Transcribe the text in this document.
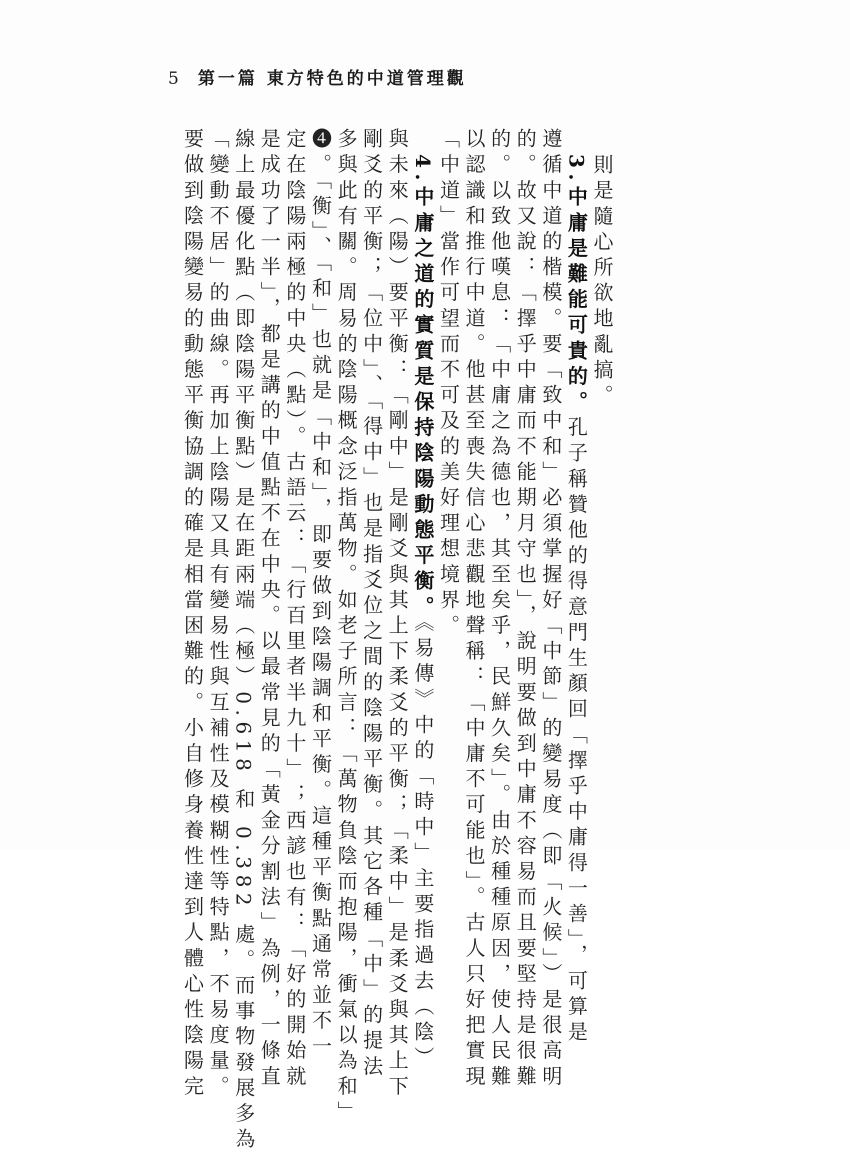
5 第一篇 東方特色的中道管理觀
則是隨心所欲地亂搞。
3.中庸是難能可貴的。孔子稱贊他的得意門生顏回「擇乎中庸得一善」，可算是
遵循中道的楷模。要「致中和」必須掌握好「中節」的變易度（即「火候」）是很高明
的。故又說：「擇乎中庸而不能期月守也」，說明要做到中庸不容易而且要堅持是很難
的。以致他嘆息：「中庸之為德也，其至矣乎，民鮮久矣」。由於種種原因，使人民難
以認識和推行中道。他甚至喪失信心悲觀地聲稱：「中庸不可能也」。古人只好把實現
「中道」當作可望而不可及的美好理想境界。
4.中庸之道的實質是保持陰陽動態平衡。《易傳》中的「時中」主要指過去（陰）
與未來（陽）要平衡：「剛中」是剛爻與其上下柔爻的平衡；「柔中」是柔爻與其上下
剛爻的平衡；「位中」、「得中」也是指爻位之間的陰陽平衡。其它各種「中」的提法
多與此有關。周易的陰陽概念泛指萬物。如老子所言：「萬物負陰而抱陽，衝氣以為和」
❹。「衡」、「和」也就是「中和」，即要做到陰陽調和平衡。這種平衡點通常並不一
定在陰陽兩極的中央（點）。古語云：「行百里者半九十」；西諺也有：「好的開始就
是成功了一半」，都是講的中值點不在中央。以最常見的「黃金分割法」為例，一條直
線上最優化點（即陰陽平衡點）是在距兩端（極）0.618 和 0.382 處。而事物發展多為
「變動不居」的曲線。再加上陰陽又具有變易性與互補性及模糊性等特點，不易度量。
要做到陰陽變易的動態平衡協調的確是相當困難的。小自修身養性達到人體心性陰陽完
